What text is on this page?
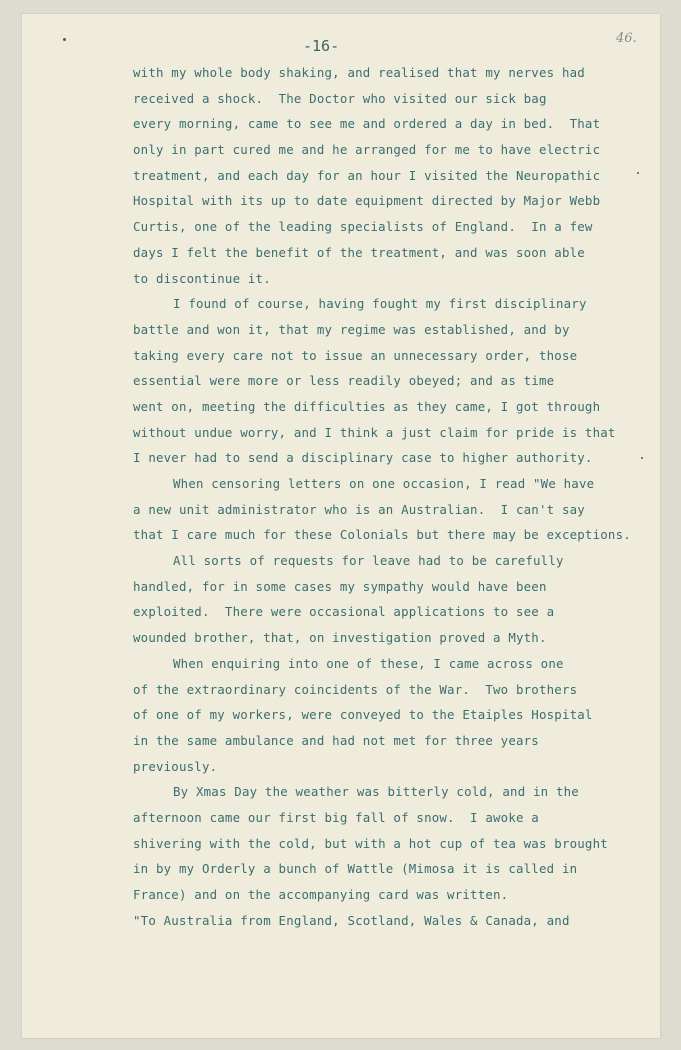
-16-	46.
with my whole body shaking, and realised that my nerves had
received a shock.  The Doctor who visited our sick bag
every morning, came to see me and ordered a day in bed.  That
only in part cured me and he arranged for me to have electric
treatment, and each day for an hour I visited the Neuropathic
Hospital with its up to date equipment directed by Major Webb
Curtis, one of the leading specialists of England.  In a few
days I felt the benefit of the treatment, and was soon able
to discontinue it.
I found of course, having fought my first disciplinary
battle and won it, that my regime was established, and by
taking every care not to issue an unnecessary order, those
essential were more or less readily obeyed; and as time
went on, meeting the difficulties as they came, I got through
without undue worry, and I think a just claim for pride is that
I never had to send a disciplinary case to higher authority.
When censoring letters on one occasion, I read "We have
a new unit administrator who is an Australian.  I can't say
that I care much for these Colonials but there may be exceptions.
All sorts of requests for leave had to be carefully
handled, for in some cases my sympathy would have been
exploited.  There were occasional applications to see a
wounded brother, that, on investigation proved a Myth.
When enquiring into one of these, I came across one
of the extraordinary coincidents of the War.  Two brothers
of one of my workers, were conveyed to the Etaiples Hospital
in the same ambulance and had not met for three years
previously.
By Xmas Day the weather was bitterly cold, and in the
afternoon came our first big fall of snow.  I awoke a
shivering with the cold, but with a hot cup of tea was brought
in by my Orderly a bunch of Wattle (Mimosa it is called in
France) and on the accompanying card was written.
"To Australia from England, Scotland, Wales & Canada, and
